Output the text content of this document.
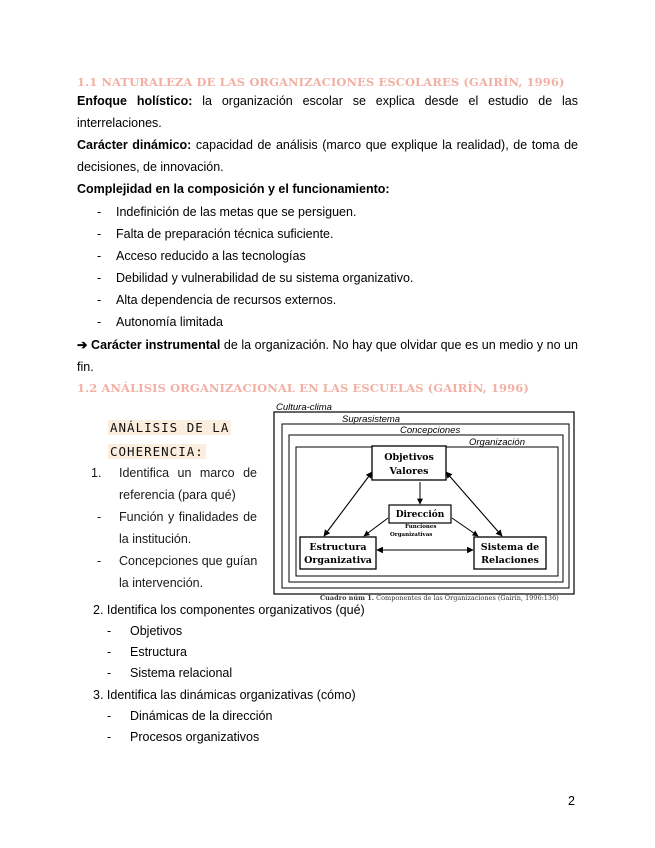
1.1 NATURALEZA DE LAS ORGANIZACIONES ESCOLARES (GAIRÍN, 1996)
Enfoque holístico: la organización escolar se explica desde el estudio de las interrelaciones.
Carácter dinámico: capacidad de análisis (marco que explique la realidad), de toma de decisiones, de innovación.
Complejidad en la composición y el funcionamiento:
- Indefinición de las metas que se persiguen.
- Falta de preparación técnica suficiente.
- Acceso reducido a las tecnologías
- Debilidad y vulnerabilidad de su sistema organizativo.
- Alta dependencia de recursos externos.
- Autonomía limitada
➔ Carácter instrumental de la organización. No hay que olvidar que es un medio y no un fin.
1.2 ANÁLISIS ORGANIZACIONAL EN LAS ESCUELAS (GAIRÍN, 1996)
ANÁLISIS DE LA
COHERENCIA:
1. Identifica un marco de
referencia (para qué)
- Función y finalidades de
la institución.
- Concepciones que guían
la intervención.
Cultura-clima
Suprasistema
Concepciones
Organización
Objetivos
Valores
Dirección
Funciones
Organizativas
Estructura
Organizativa
Sistema de
Relaciones
Cuadro núm 1. Componentes de las Organizaciones (Gairín, 1996:136)
2. Identifica los componentes organizativos (qué)
- Objetivos
- Estructura
- Sistema relacional
3. Identifica las dinámicas organizativas (cómo)
- Dinámicas de la dirección
- Procesos organizativos
2
